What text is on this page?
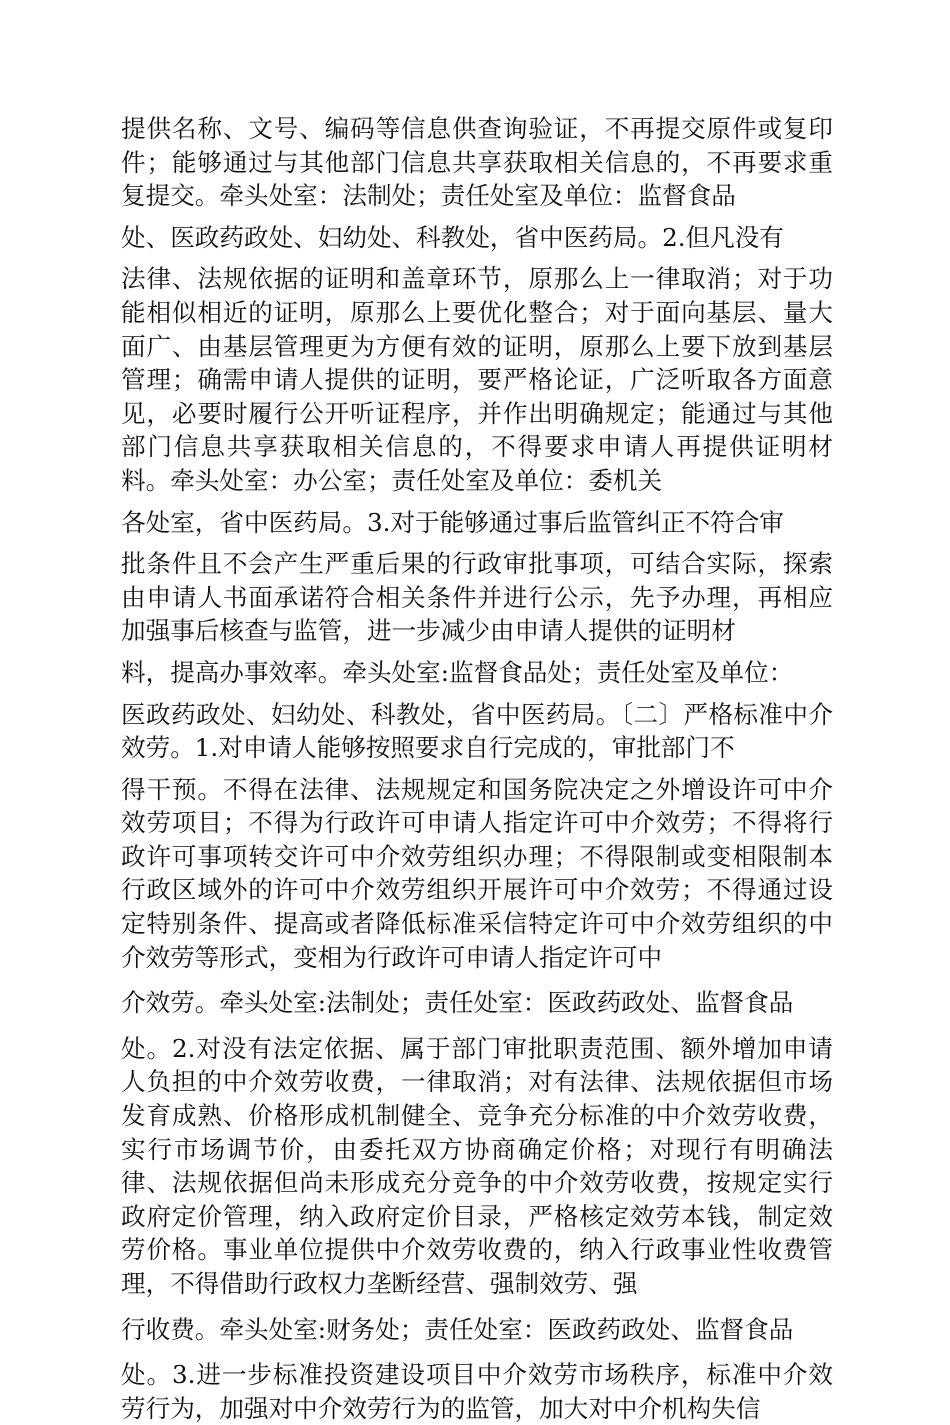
提供名称、文号、编码等信息供查询验证，不再提交原件或复印件；能够通过与其他部门信息共享获取相关信息的，不再要求重复提交。牵头处室：法制处；责任处室及单位：监督食品

处、医政药政处、妇幼处、科教处，省中医药局。2.但凡没有

法律、法规依据的证明和盖章环节，原那么上一律取消；对于功能相似相近的证明，原那么上要优化整合；对于面向基层、量大面广、由基层管理更为方便有效的证明，原那么上要下放到基层管理；确需申请人提供的证明，要严格论证，广泛听取各方面意见，必要时履行公开听证程序，并作出明确规定；能通过与其他部门信息共享获取相关信息的，不得要求申请人再提供证明材料。牵头处室：办公室；责任处室及单位：委机关

各处室，省中医药局。3.对于能够通过事后监管纠正不符合审

批条件且不会产生严重后果的行政审批事项，可结合实际，探索由申请人书面承诺符合相关条件并进行公示，先予办理，再相应加强事后核查与监管，进一步减少由申请人提供的证明材

料，提高办事效率。牵头处室:监督食品处；责任处室及单位：

医政药政处、妇幼处、科教处，省中医药局。〔二〕严格标准中介效劳。1.对申请人能够按照要求自行完成的，审批部门不

得干预。不得在法律、法规规定和国务院决定之外增设许可中介效劳项目；不得为行政许可申请人指定许可中介效劳；不得将行政许可事项转交许可中介效劳组织办理；不得限制或变相限制本行政区域外的许可中介效劳组织开展许可中介效劳；不得通过设定特别条件、提高或者降低标准采信特定许可中介效劳组织的中介效劳等形式，变相为行政许可申请人指定许可中

介效劳。牵头处室:法制处；责任处室：医政药政处、监督食品

处。2.对没有法定依据、属于部门审批职责范围、额外增加申请人负担的中介效劳收费，一律取消；对有法律、法规依据但市场发育成熟、价格形成机制健全、竞争充分标准的中介效劳收费，实行市场调节价，由委托双方协商确定价格；对现行有明确法律、法规依据但尚未形成充分竞争的中介效劳收费，按规定实行政府定价管理，纳入政府定价目录，严格核定效劳本钱，制定效劳价格。事业单位提供中介效劳收费的，纳入行政事业性收费管理，不得借助行政权力垄断经营、强制效劳、强

行收费。牵头处室:财务处；责任处室：医政药政处、监督食品

处。3.进一步标准投资建设项目中介效劳市场秩序，标准中介效劳行为，加强对中介效劳行为的监管，加大对中介机构失信
